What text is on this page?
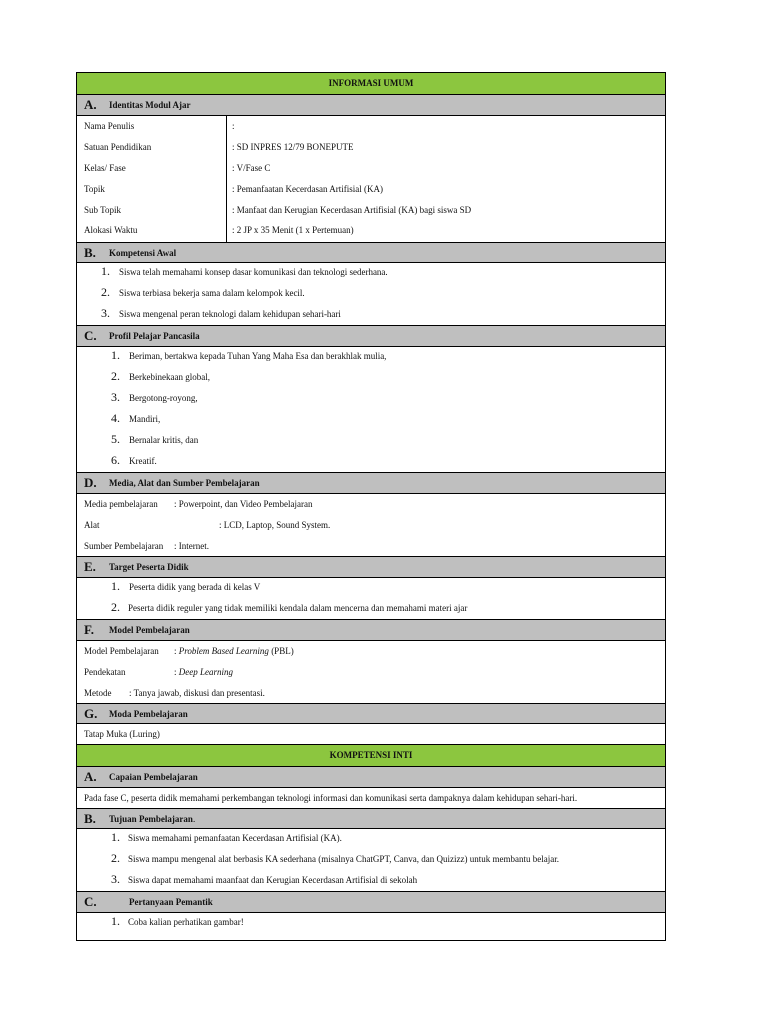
INFORMASI UMUM
A. Identitas Modul Ajar
Nama Penulis	:
Satuan Pendidikan	: SD INPRES 12/79 BONEPUTE
Kelas/ Fase	: V/Fase C
Topik	: Pemanfaatan Kecerdasan Artifisial (KA)
Sub Topik	: Manfaat dan Kerugian Kecerdasan Artifisial (KA) bagi siswa SD
Alokasi Waktu	: 2 JP x 35 Menit (1 x Pertemuan)
B. Kompetensi Awal
1. Siswa telah memahami konsep dasar komunikasi dan teknologi sederhana.
2. Siswa terbiasa bekerja sama dalam kelompok kecil.
3. Siswa mengenal peran teknologi dalam kehidupan sehari-hari
C. Profil Pelajar Pancasila
1. Beriman, bertakwa kepada Tuhan Yang Maha Esa dan berakhlak mulia,
2. Berkebinekaan global,
3. Bergotong-royong,
4. Mandiri,
5. Bernalar kritis, dan
6. Kreatif.
D. Media, Alat dan Sumber Pembelajaran
Media pembelajaran : Powerpoint, dan Video Pembelajaran
Alat	: LCD, Laptop, Sound System.
Sumber Pembelajaran : Internet.
E. Target Peserta Didik
1. Peserta didik yang berada di kelas V
2. Peserta didik reguler yang tidak memiliki kendala dalam mencerna dan memahami materi ajar
F. Model Pembelajaran
Model Pembelajaran : Problem Based Learning (PBL)
Pendekatan	: Deep Learning
Metode : Tanya jawab, diskusi dan presentasi.
G. Moda Pembelajaran
Tatap Muka (Luring)
KOMPETENSI INTI
A. Capaian Pembelajaran
Pada fase C, peserta didik memahami perkembangan teknologi informasi dan komunikasi serta dampaknya dalam kehidupan sehari-hari.
B. Tujuan Pembelajaran.
1. Siswa memahami pemanfaatan Kecerdasan Artifisial (KA).
2. Siswa mampu mengenal alat berbasis KA sederhana (misalnya ChatGPT, Canva, dan Quizizz) untuk membantu belajar.
3. Siswa dapat memahami maanfaat dan Kerugian Kecerdasan Artifisial di sekolah
C.	Pertanyaan Pemantik
1. Coba kalian perhatikan gambar!
